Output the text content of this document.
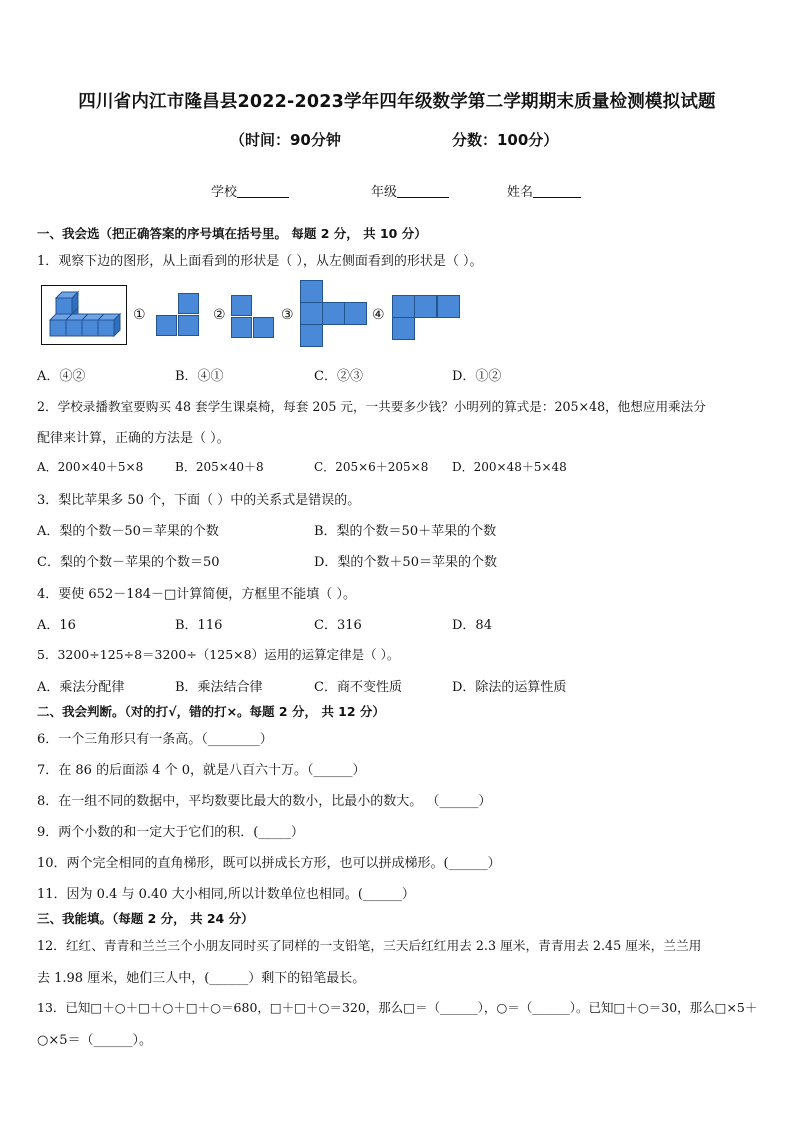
四川省内江市隆昌县2022-2023学年四年级数学第二学期期末质量检测模拟试题
（时间：90分钟	分数：100分）
学校	年级	姓名
一、我会选（把正确答案的序号填在括号里。 每题 2 分， 共 10 分）
1．观察下边的图形，从上面看到的形状是（ ），从左侧面看到的形状是（ ）。
①	②	③	④
A．④②	B．④①	C．②③	D．①②
2．学校录播教室要购买 48 套学生课桌椅，每套 205 元，一共要多少钱？小明列的算式是：205×48，他想应用乘法分
配律来计算，正确的方法是（ ）。
A．200×40＋5×8	B．205×40＋8	C．205×6＋205×8 D．200×48＋5×48
3．梨比苹果多 50 个，下面（ ）中的关系式是错误的。
A．梨的个数－50＝苹果的个数	B．梨的个数＝50＋苹果的个数
C．梨的个数－苹果的个数＝50	D．梨的个数＋50＝苹果的个数
4．要使 652－184－□计算简便，方框里不能填（ ）。
A．16	B．116	C．316	D．84
5．3200÷125÷8＝3200÷（125×8）运用的运算定律是（ ）。
A．乘法分配律	B．乘法结合律	C．商不变性质	D．除法的运算性质
二、我会判断。（对的打√，错的打×。每题 2 分， 共 12 分）
6．一个三角形只有一条高。（________）
7．在 86 的后面添 4 个 0，就是八百六十万。（______）
8．在一组不同的数据中，平均数要比最大的数小，比最小的数大。 （______）
9．两个小数的和一定大于它们的积．(_____）
10．两个完全相同的直角梯形，既可以拼成长方形，也可以拼成梯形。(______）
11．因为 0.4 与 0.40 大小相同,所以计数单位也相同。(______）
三、我能填。（每题 2 分， 共 24 分）
12．红红、青青和兰兰三个小朋友同时买了同样的一支铅笔，三天后红红用去 2.3 厘米，青青用去 2.45 厘米，兰兰用
去 1.98 厘米，她们三人中，(______）剩下的铅笔最长。
13．已知□＋○＋□＋○＋□＋○＝680，□＋□＋○＝320，那么□＝（______），○＝（______）。已知□＋○＝30，那么□×5＋
○×5＝（______）。
